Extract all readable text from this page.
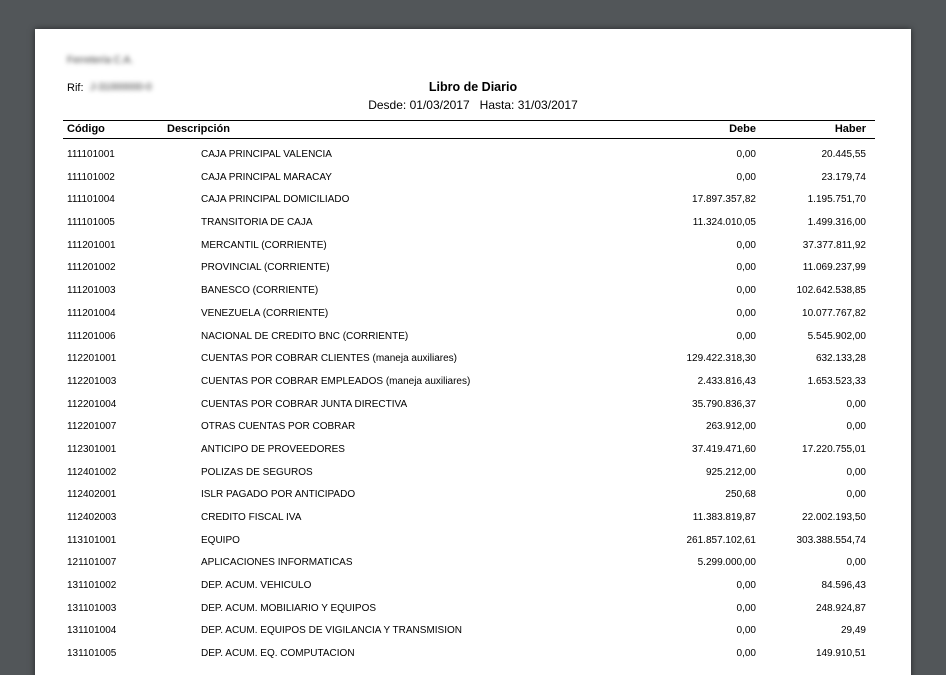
Ferretería C.A.
Rif: J-31000000-0	Libro de Diario
Desde: 01/03/2017 Hasta: 31/03/2017
Código	Descripción	Debe	Haber
111101001	CAJA PRINCIPAL VALENCIA	0,00	20.445,55
111101002	CAJA PRINCIPAL MARACAY	0,00	23.179,74
111101004	CAJA PRINCIPAL DOMICILIADO	17.897.357,82	1.195.751,70
111101005	TRANSITORIA DE CAJA	11.324.010,05	1.499.316,00
111201001	MERCANTIL (CORRIENTE)	0,00	37.377.811,92
111201002	PROVINCIAL (CORRIENTE)	0,00	11.069.237,99
111201003	BANESCO (CORRIENTE)	0,00	102.642.538,85
111201004	VENEZUELA (CORRIENTE)	0,00	10.077.767,82
111201006	NACIONAL DE CREDITO BNC (CORRIENTE)	0,00	5.545.902,00
112201001	CUENTAS POR COBRAR CLIENTES (maneja auxiliares)	129.422.318,30	632.133,28
112201003	CUENTAS POR COBRAR EMPLEADOS (maneja auxiliares)	2.433.816,43	1.653.523,33
112201004	CUENTAS POR COBRAR JUNTA DIRECTIVA	35.790.836,37	0,00
112201007	OTRAS CUENTAS POR COBRAR	263.912,00	0,00
112301001	ANTICIPO DE PROVEEDORES	37.419.471,60	17.220.755,01
112401002	POLIZAS DE SEGUROS	925.212,00	0,00
112402001	ISLR PAGADO POR ANTICIPADO	250,68	0,00
112402003	CREDITO FISCAL IVA	11.383.819,87	22.002.193,50
113101001	EQUIPO	261.857.102,61	303.388.554,74
121101007	APLICACIONES INFORMATICAS	5.299.000,00	0,00
131101002	DEP. ACUM. VEHICULO	0,00	84.596,43
131101003	DEP. ACUM. MOBILIARIO Y EQUIPOS	0,00	248.924,87
131101004	DEP. ACUM. EQUIPOS DE VIGILANCIA Y TRANSMISION	0,00	29,49
131101005	DEP. ACUM. EQ. COMPUTACION	0,00	149.910,51
